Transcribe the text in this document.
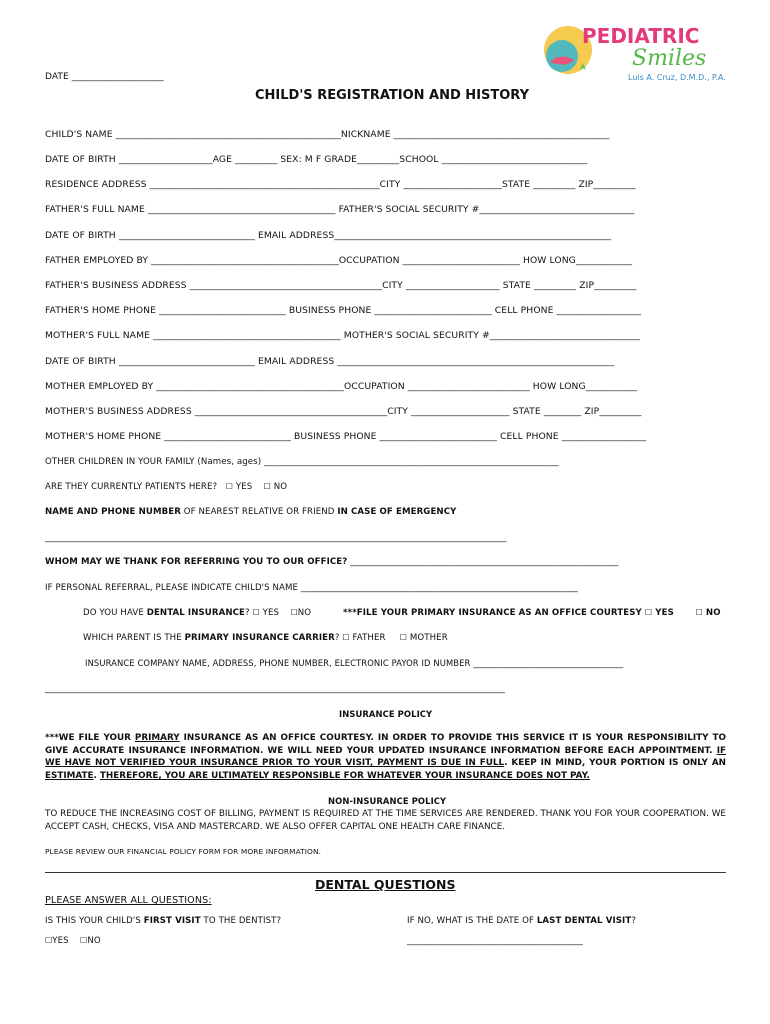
PEDIATRIC
Smiles
Luis A. Cruz, D.M.D., P.A.
DATE ____________________
CHILD'S REGISTRATION AND HISTORY
CHILD'S NAME ________________________________________________NICKNAME ______________________________________________
DATE OF BIRTH ____________________AGE _________ SEX: M F GRADE_________SCHOOL _______________________________
RESIDENCE ADDRESS _________________________________________________CITY _____________________STATE _________ ZIP_________
FATHER'S FULL NAME ________________________________________ FATHER'S SOCIAL SECURITY #_________________________________
DATE OF BIRTH _____________________________ EMAIL ADDRESS___________________________________________________________
FATHER EMPLOYED BY ________________________________________OCCUPATION _________________________ HOW LONG____________
FATHER'S BUSINESS ADDRESS _________________________________________CITY ____________________ STATE _________ ZIP_________
FATHER'S HOME PHONE ___________________________ BUSINESS PHONE _________________________ CELL PHONE __________________
MOTHER'S FULL NAME ________________________________________ MOTHER'S SOCIAL SECURITY #________________________________
DATE OF BIRTH _____________________________ EMAIL ADDRESS ___________________________________________________________
MOTHER EMPLOYED BY ________________________________________OCCUPATION __________________________ HOW LONG___________
MOTHER'S BUSINESS ADDRESS _________________________________________CITY _____________________ STATE ________ ZIP_________
MOTHER'S HOME PHONE ___________________________ BUSINESS PHONE _________________________ CELL PHONE __________________
OTHER CHILDREN IN YOUR FAMILY (Names, ages) ___________________________________________________________________
ARE THEY CURRENTLY PATIENTS HERE? ☐ YES ☐ NO
NAME AND PHONE NUMBER OF NEAREST RELATIVE OR FRIEND IN CASE OF EMERGENCY
__________________________________________________________________________________________________________________
WHOM MAY WE THANK FOR REFERRING YOU TO OUR OFFICE? _____________________________________________________________
IF PERSONAL REFERRAL, PLEASE INDICATE CHILD'S NAME _______________________________________________________________
DO YOU HAVE DENTAL INSURANCE? ☐ YES ☐NO	***FILE YOUR PRIMARY INSURANCE AS AN OFFICE COURTESY ☐ YES	☐ NO
WHICH PARENT IS THE PRIMARY INSURANCE CARRIER? ☐ FATHER ☐ MOTHER
INSURANCE COMPANY NAME, ADDRESS, PHONE NUMBER, ELECTRONIC PAYOR ID NUMBER ___________________________________
___________________________________________________________________________________________________________________
INSURANCE POLICY
***WE FILE YOUR PRIMARY INSURANCE AS AN OFFICE COURTESY. IN ORDER TO PROVIDE THIS SERVICE IT IS YOUR RESPONSIBILITY TO GIVE ACCURATE INSURANCE INFORMATION. WE WILL NEED YOUR UPDATED INSURANCE INFORMATION BEFORE EACH APPOINTMENT. IF WE HAVE NOT VERIFIED YOUR INSURANCE PRIOR TO YOUR VISIT, PAYMENT IS DUE IN FULL. KEEP IN MIND, YOUR PORTION IS ONLY AN ESTIMATE. THEREFORE, YOU ARE ULTIMATELY RESPONSIBLE FOR WHATEVER YOUR INSURANCE DOES NOT PAY.
NON-INSURANCE POLICY
TO REDUCE THE INCREASING COST OF BILLING, PAYMENT IS REQUIRED AT THE TIME SERVICES ARE RENDERED. THANK YOU FOR YOUR COOPERATION. WE ACCEPT CASH, CHECKS, VISA AND MASTERCARD. WE ALSO OFFER CAPITAL ONE HEALTH CARE FINANCE.
PLEASE REVIEW OUR FINANCIAL POLICY FORM FOR MORE INFORMATION.
DENTAL QUESTIONS
PLEASE ANSWER ALL QUESTIONS:
IS THIS YOUR CHILD'S FIRST VISIT TO THE DENTIST?	IF NO, WHAT IS THE DATE OF LAST DENTAL VISIT?
☐YES ☐NO	________________________________________
